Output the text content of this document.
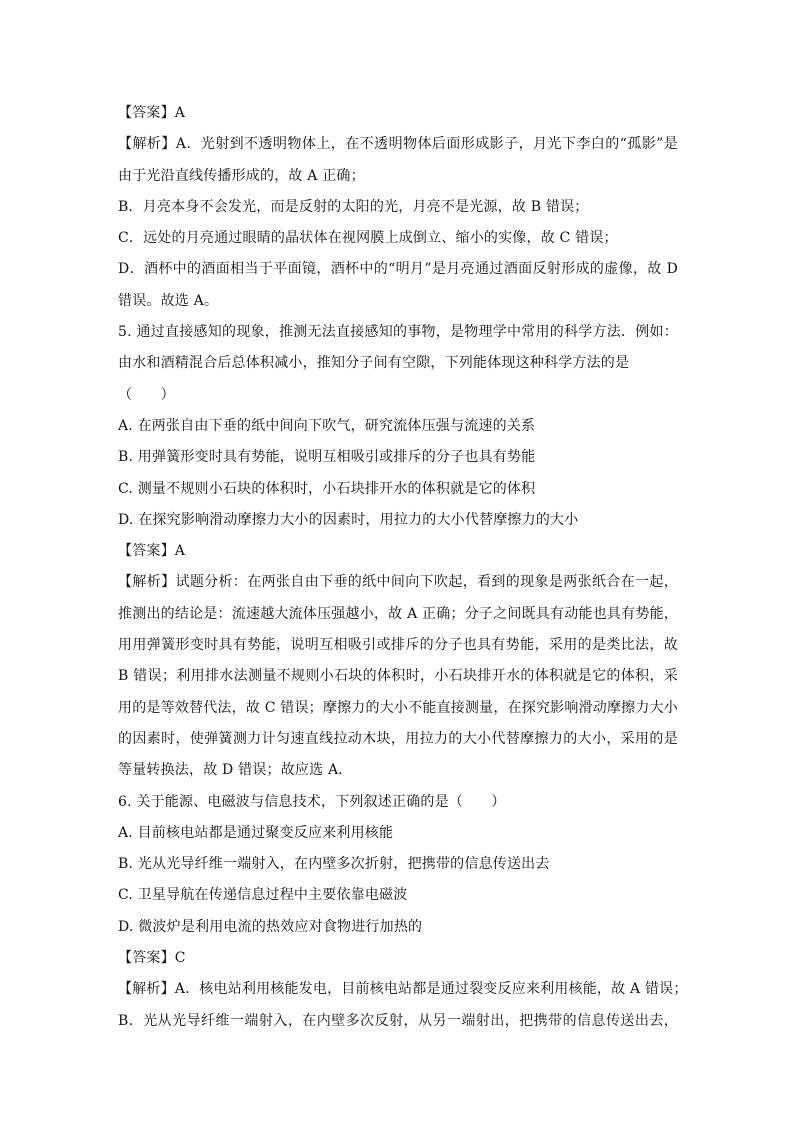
【答案】A
【解析】A．光射到不透明物体上，在不透明物体后面形成影子，月光下李白的“孤影”是
由于光沿直线传播形成的，故 A 正确；
B．月亮本身不会发光，而是反射的太阳的光，月亮不是光源，故 B 错误；
C．远处的月亮通过眼睛的晶状体在视网膜上成倒立、缩小的实像，故 C 错误；
D．酒杯中的酒面相当于平面镜，酒杯中的“明月”是月亮通过酒面反射形成的虚像，故 D
错误。故选 A。
5. 通过直接感知的现象，推测无法直接感知的事物，是物理学中常用的科学方法．例如：
由水和酒精混合后总体积减小，推知分子间有空隙，下列能体现这种科学方法的是
（　　）
A. 在两张自由下垂的纸中间向下吹气，研究流体压强与流速的关系
B. 用弹簧形变时具有势能，说明互相吸引或排斥的分子也具有势能
C. 测量不规则小石块的体积时，小石块排开水的体积就是它的体积
D. 在探究影响滑动摩擦力大小的因素时，用拉力的大小代替摩擦力的大小
【答案】A
【解析】试题分析：在两张自由下垂的纸中间向下吹起，看到的现象是两张纸合在一起，
推测出的结论是：流速越大流体压强越小，故 A 正确；分子之间既具有动能也具有势能，
用用弹簧形变时具有势能，说明互相吸引或排斥的分子也具有势能，采用的是类比法，故
B 错误；利用排水法测量不规则小石块的体积时，小石块排开水的体积就是它的体积，采
用的是等效替代法，故 C 错误；摩擦力的大小不能直接测量，在探究影响滑动摩擦力大小
的因素时，使弹簧测力计匀速直线拉动木块，用拉力的大小代替摩擦力的大小，采用的是
等量转换法，故 D 错误；故应选 A．
6. 关于能源、电磁波与信息技术，下列叙述正确的是（　　）
A. 目前核电站都是通过聚变反应来利用核能
B. 光从光导纤维一端射入，在内壁多次折射，把携带的信息传送出去
C. 卫星导航在传递信息过程中主要依靠电磁波
D. 微波炉是利用电流的热效应对食物进行加热的
【答案】C
【解析】A．核电站利用核能发电，目前核电站都是通过裂变反应来利用核能，故 A 错误；
B．光从光导纤维一端射入，在内壁多次反射，从另一端射出，把携带的信息传送出去，
